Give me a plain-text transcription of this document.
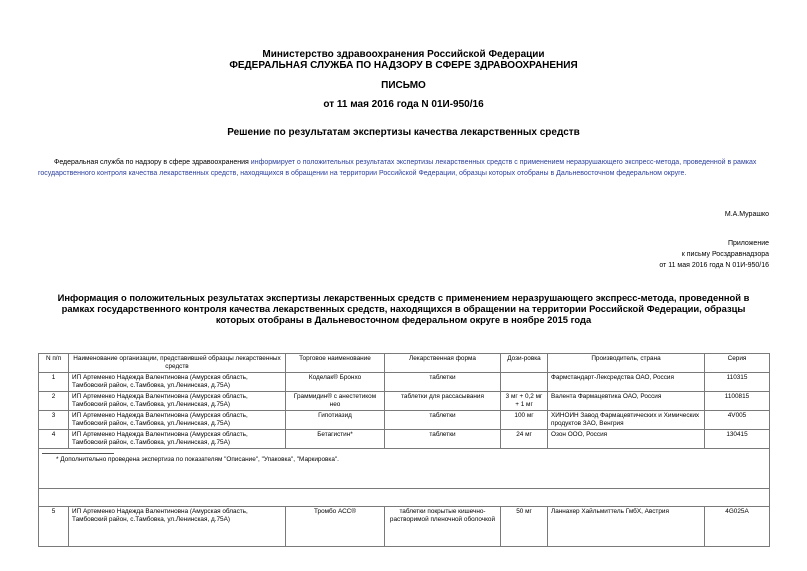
Министерство здравоохранения Российской Федерации
ФЕДЕРАЛЬНАЯ СЛУЖБА ПО НАДЗОРУ В СФЕРЕ ЗДРАВООХРАНЕНИЯ
ПИСЬМО
от 11 мая 2016 года N 01И-950/16
Решение по результатам экспертизы качества лекарственных средств
Федеральная служба по надзору в сфере здравоохранения информирует о положительных результатах экспертизы лекарственных средств с применением неразрушающего экспресс-метода, проведенной в рамках государственного контроля качества лекарственных средств, находящихся в обращении на территории Российской Федерации, образцы которых отобраны в Дальневосточном федеральном округе.
М.А.Мурашко
Приложение
к письму Росздравнадзора
от 11 мая 2016 года N 01И-950/16
Информация о положительных результатах экспертизы лекарственных средств с применением неразрушающего экспресс-метода, проведенной в рамках государственного контроля качества лекарственных средств, находящихся в обращении на территории Российской Федерации, образцы которых отобраны в Дальневосточном федеральном округе в ноябре 2015 года
N п/п	Наименование организации, представившей образцы лекарственных средств	Торговое наименование	Лекарственная форма	Дози-ровка	Производитель, страна	Серия
1	ИП Артеменко Надежда Валентиновна (Амурская область, Тамбовский район, с.Тамбовка, ул.Ленинская, д.75А)	Коделак® Бронхо	таблетки		Фармстандарт-Лексредства ОАО, Россия	110315
2	ИП Артеменко Надежда Валентиновна (Амурская область, Тамбовский район, с.Тамбовка, ул.Ленинская, д.75А)	Граммидин® с анестетиком нео	таблетки для рассасывания	3 мг + 0,2 мг + 1 мг	Валента Фармацевтика ОАО, Россия	1100815
3	ИП Артеменко Надежда Валентиновна (Амурская область, Тамбовский район, с.Тамбовка, ул.Ленинская, д.75А)	Гипотиазид	таблетки	100 мг	ХИНОИН Завод Фармацевтических и Химических продуктов ЗАО, Венгрия	4V005
4	ИП Артеменко Надежда Валентиновна (Амурская область, Тамбовский район, с.Тамбовка, ул.Ленинская, д.75А)	Бетагистин*	таблетки	24 мг	Озон ООО, Россия	130415

* Дополнительно проведена экспертиза по показателям "Описание", "Упаковка", "Маркировка".						

5	ИП Артеменко Надежда Валентиновна (Амурская область, Тамбовский район, с.Тамбовка, ул.Ленинская, д.75А)	Тромбо АСС®	таблетки покрытые кишечно-растворимой пленочной оболочкой	50 мг	Ланнахер Хайльмиттель ГмбХ, Австрия	4G025A
